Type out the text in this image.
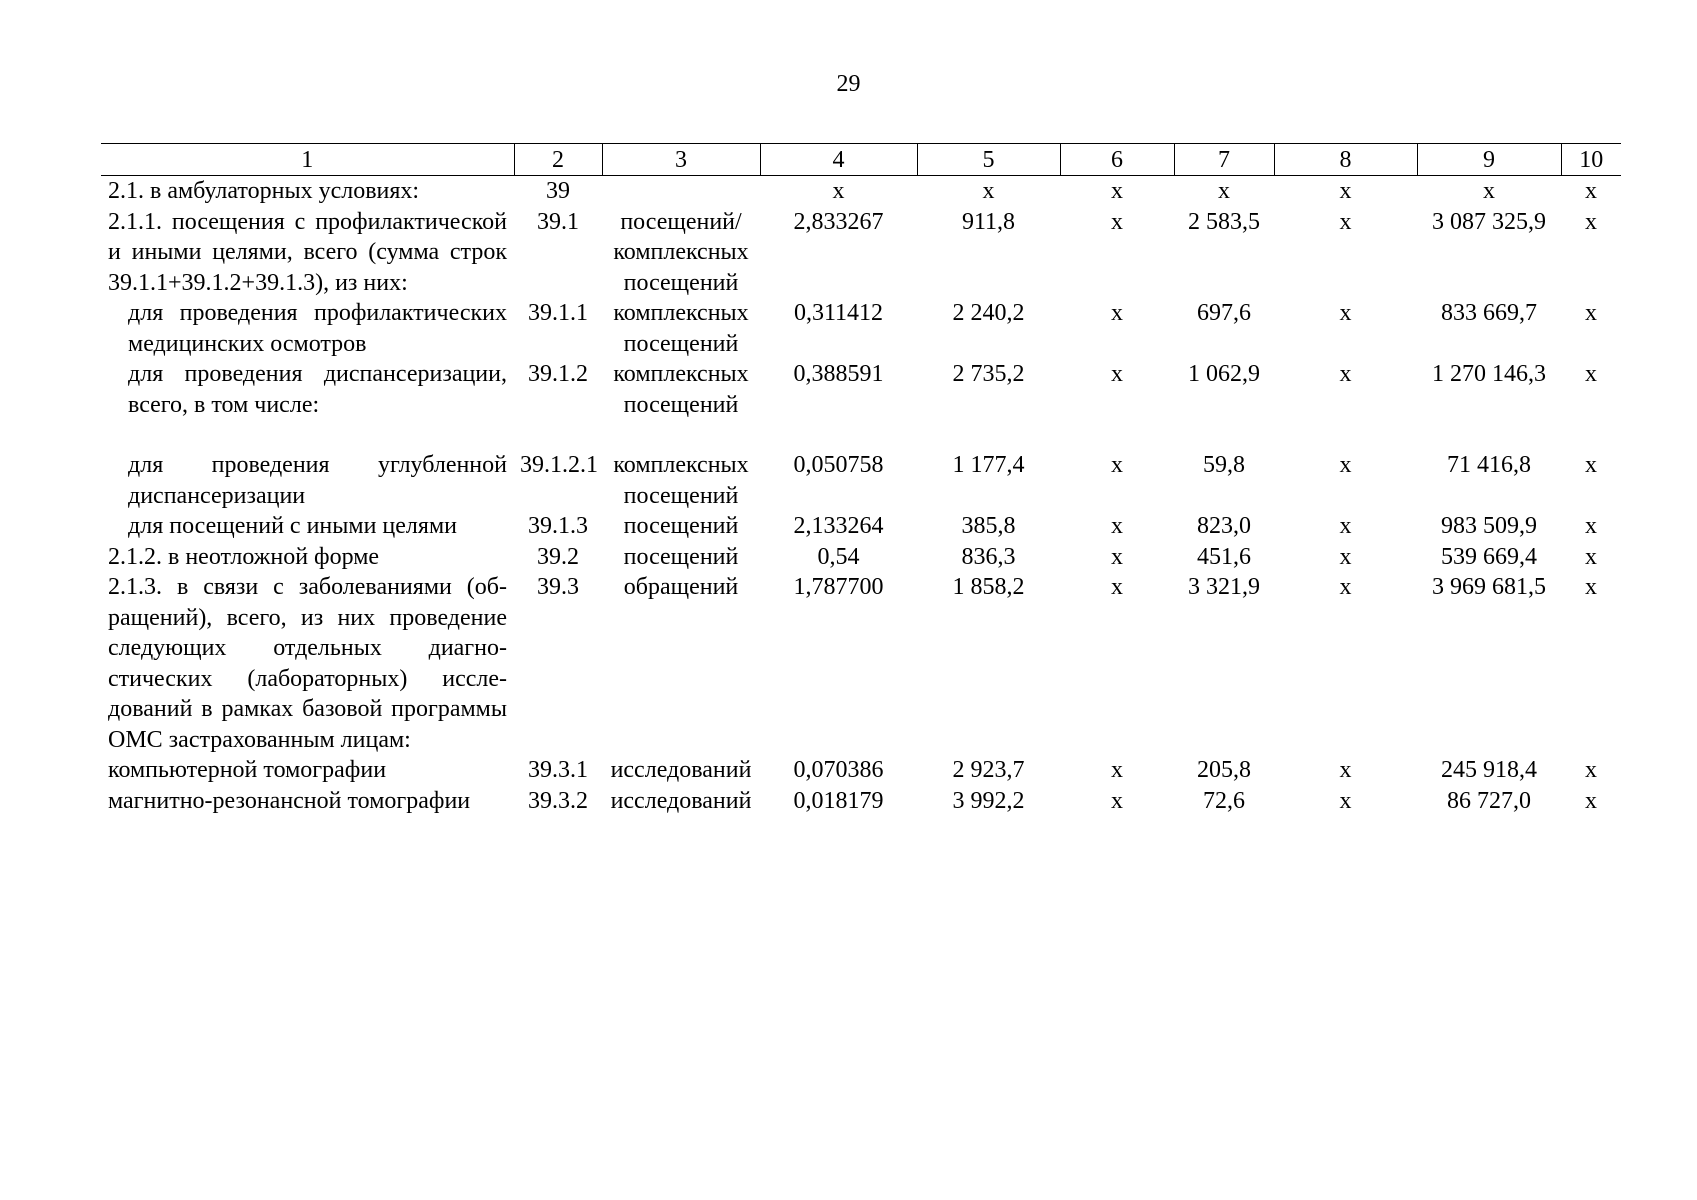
29
1	2	3	4	5	6	7	8	9	10
2.1. в амбулаторных условиях:	39		х	х	х	х	х	х	х
2.1.1. посещения с профилактической и иными целями, всего (сумма строк 39.1.1+39.1.2+39.1.3), из них:	39.1	посещений/ комплексных посещений	2,833267	911,8	х	2 583,5	х	3 087 325,9	х
для проведения профилактических медицинских осмотров	39.1.1	комплексных посещений	0,311412	2 240,2	х	697,6	х	833 669,7	х
для проведения диспансеризации, всего, в том числе:	39.1.2	комплексных посещений	0,388591	2 735,2	х	1 062,9	х	1 270 146,3	х
для проведения углубленной диспансеризации	39.1.2.1	комплексных посещений	0,050758	1 177,4	х	59,8	х	71 416,8	х
для посещений с иными целями	39.1.3	посещений	2,133264	385,8	х	823,0	х	983 509,9	х
2.1.2. в неотложной форме	39.2	посещений	0,54	836,3	х	451,6	х	539 669,4	х
2.1.3. в связи с заболеваниями (обращений), всего, из них проведение следующих отдельных диагностических (лабораторных) исследований в рамках базовой программы ОМС застрахованным лицам:	39.3	обращений	1,787700	1 858,2	х	3 321,9	х	3 969 681,5	х
компьютерной томографии	39.3.1	исследований	0,070386	2 923,7	х	205,8	х	245 918,4	х
магнитно-резонансной томографии	39.3.2	исследований	0,018179	3 992,2	х	72,6	х	86 727,0	х
